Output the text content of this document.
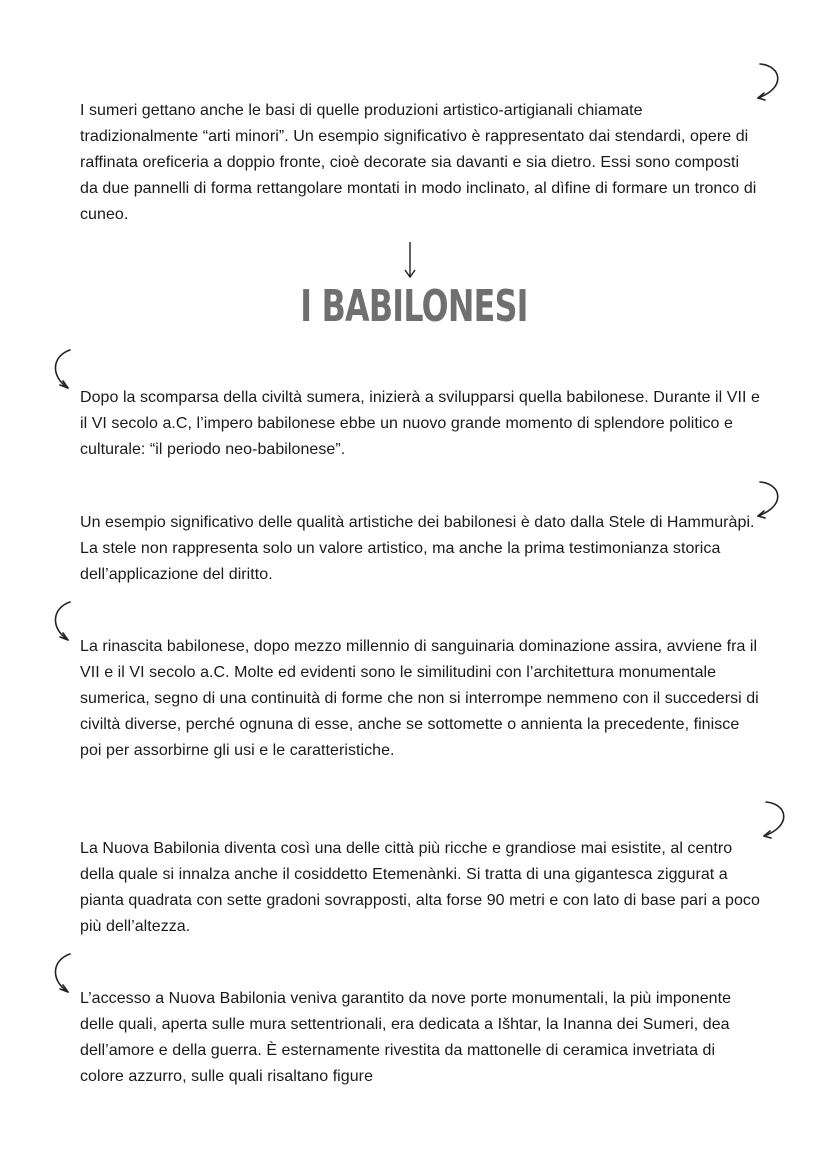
I sumeri gettano anche le basi di quelle produzioni artistico-artigianali chiamate tradizionalmente “arti minori”. Un esempio significativo è rappresentato dai stendardi, opere di raffinata oreficeria a doppio fronte, cioè decorate sia davanti e sia dietro. Essi sono composti da due pannelli di forma rettangolare montati in modo inclinato, al dìfine di formare un tronco di cuneo.

I BABILONESI

Dopo la scomparsa della civiltà sumera, inizierà a svilupparsi quella babilonese. Durante il VII e il VI secolo a.C, l’impero babilonese ebbe un nuovo grande momento di splendore politico e culturale: “il periodo neo-babilonese”.

Un esempio significativo delle qualità artistiche dei babilonesi è dato dalla Stele di Hammuràpi. La stele non rappresenta solo un valore artistico, ma anche la prima testimonianza storica dell’applicazione del diritto.

La rinascita babilonese, dopo mezzo millennio di sanguinaria dominazione assira, avviene fra il VII e il VI secolo a.C. Molte ed evidenti sono le similitudini con l’architettura monumentale sumerica, segno di una continuità di forme che non si interrompe nemmeno con il succedersi di civiltà diverse, perché ognuna di esse, anche se sottomette o annienta la precedente, finisce poi per assorbirne gli usi e le caratteristiche.

La Nuova Babilonia diventa così una delle città più ricche e grandiose mai esistite, al centro della quale si innalza anche il cosiddetto Etemenànki. Si tratta di una gigantesca ziggurat a pianta quadrata con sette gradoni sovrapposti, alta forse 90 metri e con lato di base pari a poco più dell’altezza.

L’accesso a Nuova Babilonia veniva garantito da nove porte monumentali, la più imponente delle quali, aperta sulle mura settentrionali, era dedicata a Išhtar, la Inanna dei Sumeri, dea dell’amore e della guerra. È esternamente rivestita da mattonelle di ceramica invetriata di colore azzurro, sulle quali risaltano figure
